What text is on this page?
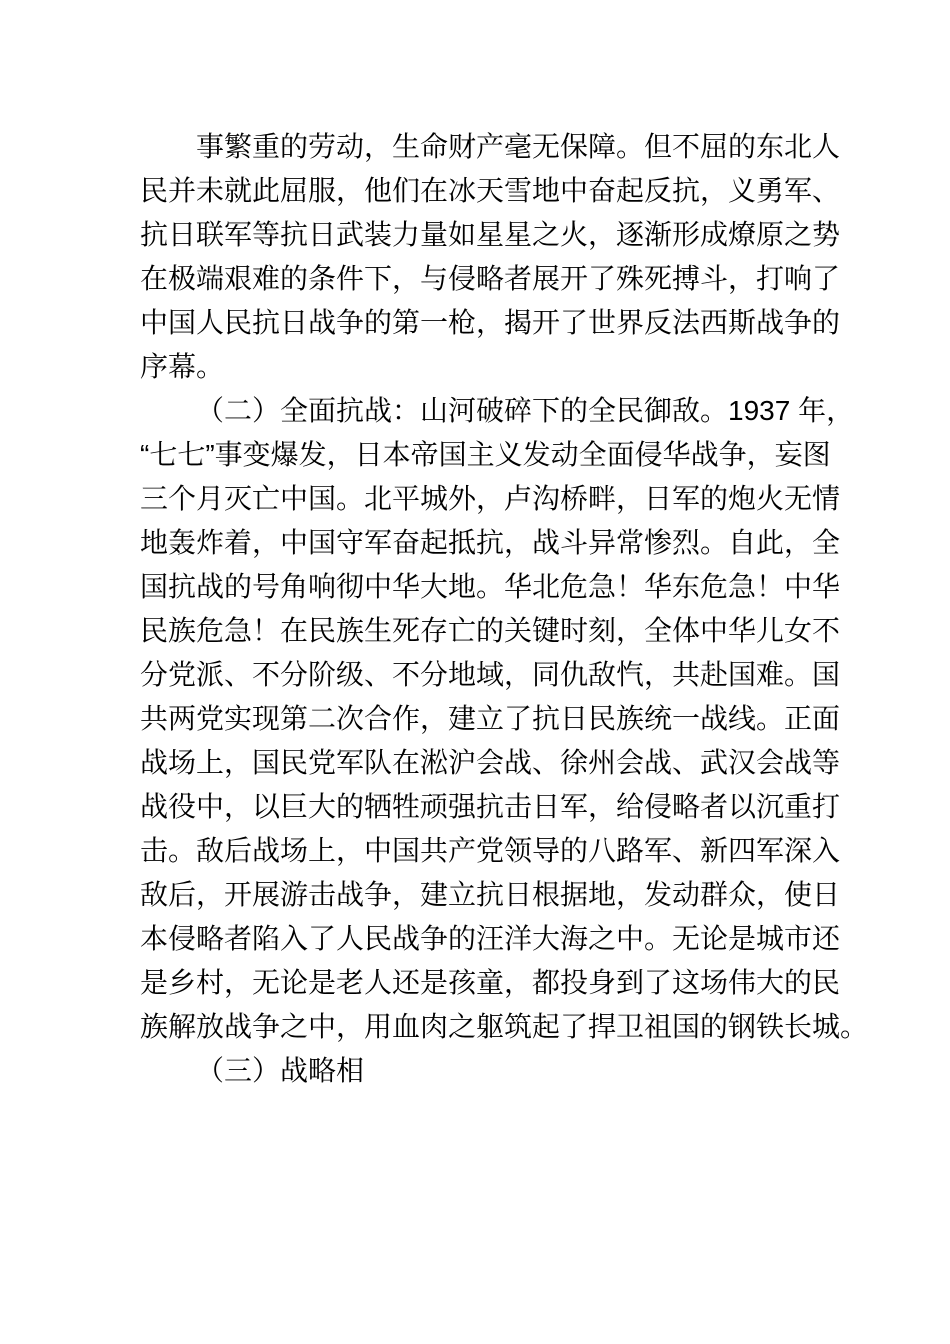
事繁重的劳动，生命财产毫无保障。但不屈的东北人
民并未就此屈服，他们在冰天雪地中奋起反抗，义勇军、
抗日联军等抗日武装力量如星星之火，逐渐形成燎原之势
在极端艰难的条件下，与侵略者展开了殊死搏斗，打响了
中国人民抗日战争的第一枪，揭开了世界反法西斯战争的
序幕。
（二）全面抗战：山河破碎下的全民御敌。1937 年，
“七七”事变爆发，日本帝国主义发动全面侵华战争，妄图
三个月灭亡中国。北平城外，卢沟桥畔，日军的炮火无情
地轰炸着，中国守军奋起抵抗，战斗异常惨烈。自此，全
国抗战的号角响彻中华大地。华北危急！华东危急！中华
民族危急！在民族生死存亡的关键时刻，全体中华儿女不
分党派、不分阶级、不分地域，同仇敌忾，共赴国难。国
共两党实现第二次合作，建立了抗日民族统一战线。正面
战场上，国民党军队在淞沪会战、徐州会战、武汉会战等
战役中，以巨大的牺牲顽强抗击日军，给侵略者以沉重打
击。敌后战场上，中国共产党领导的八路军、新四军深入
敌后，开展游击战争，建立抗日根据地，发动群众，使日
本侵略者陷入了人民战争的汪洋大海之中。无论是城市还
是乡村，无论是老人还是孩童，都投身到了这场伟大的民
族解放战争之中，用血肉之躯筑起了捍卫祖国的钢铁长城。
（三）战略相
